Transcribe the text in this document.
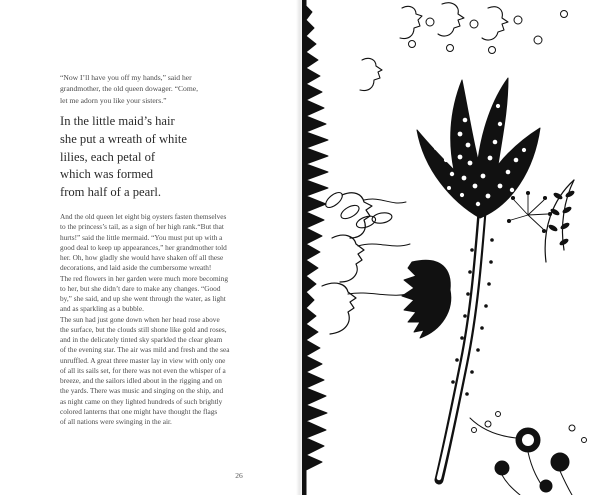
“Now I’ll have you off my hands,” said her
grandmother, the old queen dowager. “Come,
let me adorn you like your sisters.”
In the little maid’s hair
she put a wreath of white
lilies, each petal of
which was formed
from half of a pearl.
And the old queen let eight big oysters fasten themselves
to the princess’s tail, as a sign of her high rank.“But that
hurts!” said the little mermaid. “You must put up with a
good deal to keep up appearances,” her grandmother told
her. Oh, how gladly she would have shaken off all these
decorations, and laid aside the cumbersome wreath!
The red flowers in her garden were much more becoming
to her, but she didn’t dare to make any changes. “Good
by,” she said, and up she went through the water, as light
and as sparkling as a bubble.
The sun had just gone down when her head rose above
the surface, but the clouds still shone like gold and roses,
and in the delicately tinted sky sparkled the clear gleam
of the evening star. The air was mild and fresh and the sea
unruffled. A great three master lay in view with only one
of all its sails set, for there was not even the whisper of a
breeze, and the sailors idled about in the rigging and on
the yards. There was music and singing on the ship, and
as night came on they lighted hundreds of such brightly
colored lanterns that one might have thought the flags
of all nations were swinging in the air.
26
